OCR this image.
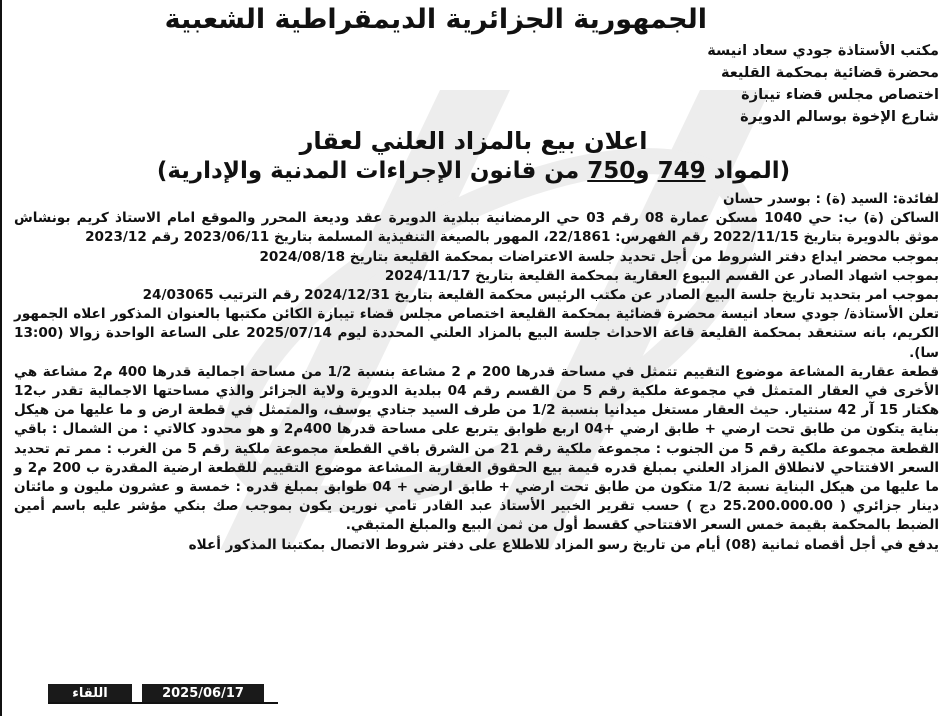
الجمهورية الجزائرية الديمقراطية الشعبية
مكتب الأستاذة جودي سعاد انيسة
محضرة قضائية بمحكمة القليعة
اختصاص مجلس قضاء تيبازة
شارع الإخوة بوسالم الدويرة
اعلان بيع بالمزاد العلني لعقار
(المواد 749 و750 من قانون الإجراءات المدنية والإدارية)

لفائدة: السيد (ة) : بوسدر حسان

الساكن (ة) ب: حي 1040 مسكن عمارة 08 رقم 03 حي الرمضانية ببلدية الدويرة عقد وديعة المحرر والموقع امام الاستاذ كريم بونشاش موثق بالدويرة بتاريخ 2022/11/15 رقم الفهرس: 22/1861، المهور بالصيغة التنفيذية المسلمة بتاريخ 2023/06/11 رقم 2023/12

بموجب محضر ايداع دفتر الشروط من أجل تحديد جلسة الاعتراضات بمحكمة القليعة بتاريخ 2024/08/18

بموجب اشهاد الصادر عن القسم البيوع العقارية بمحكمة القليعة بتاريخ 2024/11/17

بموجب امر بتحديد تاريخ جلسة البيع الصادر عن مكتب الرئيس محكمة القليعة بتاريخ 2024/12/31 رقم الترتيب 24/03065

تعلن الأستاذة/ جودي سعاد انيسة محضرة قضائية بمحكمة القليعة اختصاص مجلس قضاء تيبازة الكائن مكتبها بالعنوان المذكور اعلاه الجمهور الكريم، بانه ستنعقد بمحكمة القليعة قاعة الاحداث جلسة البيع بالمزاد العلني المحددة ليوم 2025/07/14 على الساعة الواحدة زوالا (13:00 سا).

قطعة عقارية المشاعة موضوع التقييم تتمثل في مساحة قدرها 200 م 2 مشاعة بنسبة 1/2 من مساحة اجمالية قدرها 400 م2 مشاعة هي الأخرى في العقار المتمثل في مجموعة ملكية رقم 5 من القسم رقم 04 ببلدية الدويرة ولاية الجزائر والذي مساحتها الاجمالية تقدر ب12 هكتار 15 آر 42 سنتيار. حيث العقار مستغل ميدانيا بنسبة 1/2 من طرف السيد جنادي يوسف، والمتمثل في قطعة ارض و ما عليها من هيكل بناية يتكون من طابق تحت ارضي + طابق ارضي +04 اربع طوابق يتربع على مساحة قدرها 400م2 و هو محدود كالاتي : من الشمال : باقي القطعة مجموعة ملكية رقم 5 من الجنوب : مجموعة ملكية رقم 21 من الشرق باقي القطعة مجموعة ملكية رقم 5 من الغرب : ممر تم تحديد السعر الافتتاحي لانطلاق المزاد العلني بمبلغ قدره قيمة بيع الحقوق العقارية المشاعة موضوع التقييم للقطعة ارضية المقدرة ب 200 م2 و ما عليها من هيكل البناية نسبة 1/2 متكون من طابق تحت ارضي + طابق ارضي + 04 طوابق بمبلغ قدره : خمسة و عشرون مليون و مائتان دينار جزائري ( 25.200.000.00 دج ) حسب تقرير الخبير الأستاذ عبد القادر تامي نورين يكون بموجب صك بنكي مؤشر عليه باسم أمين الضبط بالمحكمة بقيمة خمس السعر الافتتاحي كقسط أول من ثمن البيع والمبلغ المتبقي.

يدفع في أجل أقصاه ثمانية (08) أيام من تاريخ رسو المزاد للاطلاع على دفتر شروط الاتصال بمكتبنا المذكور أعلاه

اللقاء	2025/06/17
